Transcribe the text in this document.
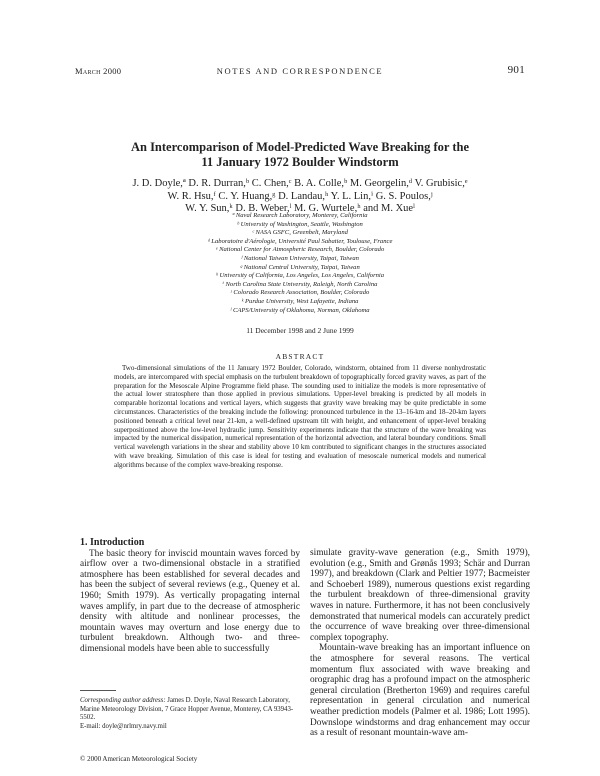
March 2000	NOTES AND CORRESPONDENCE	901
An Intercomparison of Model-Predicted Wave Breaking for the
11 January 1972 Boulder Windstorm
J. D. Doyle,ª D. R. Durran,ᵇ C. Chen,ᶜ B. A. Colle,ᵇ M. Georgelin,ᵈ V. Grubisic,ᵉ
W. R. Hsu,ᶠ C. Y. Huang,ᵍ D. Landau,ʰ Y. L. Lin,ⁱ G. S. Poulos,ʲ
W. Y. Sun,ᵏ D. B. Weber,ˡ M. G. Wurtele,ʰ and M. Xueˡ
ª Naval Research Laboratory, Monterey, California
ᵇ University of Washington, Seattle, Washington
ᶜ NASA GSFC, Greenbelt, Maryland
ᵈ Laboratoire d'Aérologie, Université Paul Sabatier, Toulouse, France
ᵉ National Center for Atmospheric Research, Boulder, Colorado
ᶠ National Taiwan University, Taipai, Taiwan
ᵍ National Central University, Taipai, Taiwan
ʰ University of California, Los Angeles, Los Angeles, California
ⁱ North Carolina State University, Raleigh, North Carolina
ʲ Colorado Research Association, Boulder, Colorado
ᵏ Purdue University, West Lafayette, Indiana
ˡ CAPS/University of Oklahoma, Norman, Oklahoma
11 December 1998 and 2 June 1999
ABSTRACT
Two-dimensional simulations of the 11 January 1972 Boulder, Colorado, windstorm, obtained from 11 diverse nonhydrostatic models, are intercompared with special emphasis on the turbulent breakdown of topographically forced gravity waves, as part of the preparation for the Mesoscale Alpine Programme field phase. The sounding used to initialize the models is more representative of the actual lower stratosphere than those applied in previous simulations. Upper-level breaking is predicted by all models in comparable horizontal locations and vertical layers, which suggests that gravity wave breaking may be quite predictable in some circumstances. Characteristics of the breaking include the following: pronounced turbulence in the 13–16-km and 18–20-km layers positioned beneath a critical level near 21-km, a well-defined upstream tilt with height, and enhancement of upper-level breaking superpositioned above the low-level hydraulic jump. Sensitivity experiments indicate that the structure of the wave breaking was impacted by the numerical dissipation, numerical representation of the horizontal advection, and lateral boundary conditions. Small vertical wavelength variations in the shear and stability above 10 km contributed to significant changes in the structures associated with wave breaking. Simulation of this case is ideal for testing and evaluation of mesoscale numerical models and numerical algorithms because of the complex wave-breaking response.

1. Introduction

The basic theory for inviscid mountain waves forced by airflow over a two-dimensional obstacle in a stratified atmosphere has been established for several decades and has been the subject of several reviews (e.g., Queney et al. 1960; Smith 1979). As vertically propagating internal waves amplify, in part due to the decrease of atmospheric density with altitude and nonlinear processes, the mountain waves may overturn and lose energy due to turbulent breakdown. Although two- and three-dimensional models have been able to successfully

simulate gravity-wave generation (e.g., Smith 1979), evolution (e.g., Smith and Grønås 1993; Schär and Durran 1997), and breakdown (Clark and Peltier 1977; Bacmeister and Schoeberl 1989), numerous questions exist regarding the turbulent breakdown of three-dimensional gravity waves in nature. Furthermore, it has not been conclusively demonstrated that numerical models can accurately predict the occurrence of wave breaking over three-dimensional complex topography.

Mountain-wave breaking has an important influence on the atmosphere for several reasons. The vertical momentum flux associated with wave breaking and orographic drag has a profound impact on the atmospheric general circulation (Bretherton 1969) and requires careful representation in general circulation and numerical weather prediction models (Palmer et al. 1986; Lott 1995). Downslope windstorms and drag enhancement may occur as a result of resonant mountain-wave am-

Corresponding author address: James D. Doyle, Naval Research Laboratory, Marine Meteorology Division, 7 Grace Hopper Avenue, Monterey, CA 93943-5502.
E-mail: doyle@nrlmry.navy.mil
© 2000 American Meteorological Society
